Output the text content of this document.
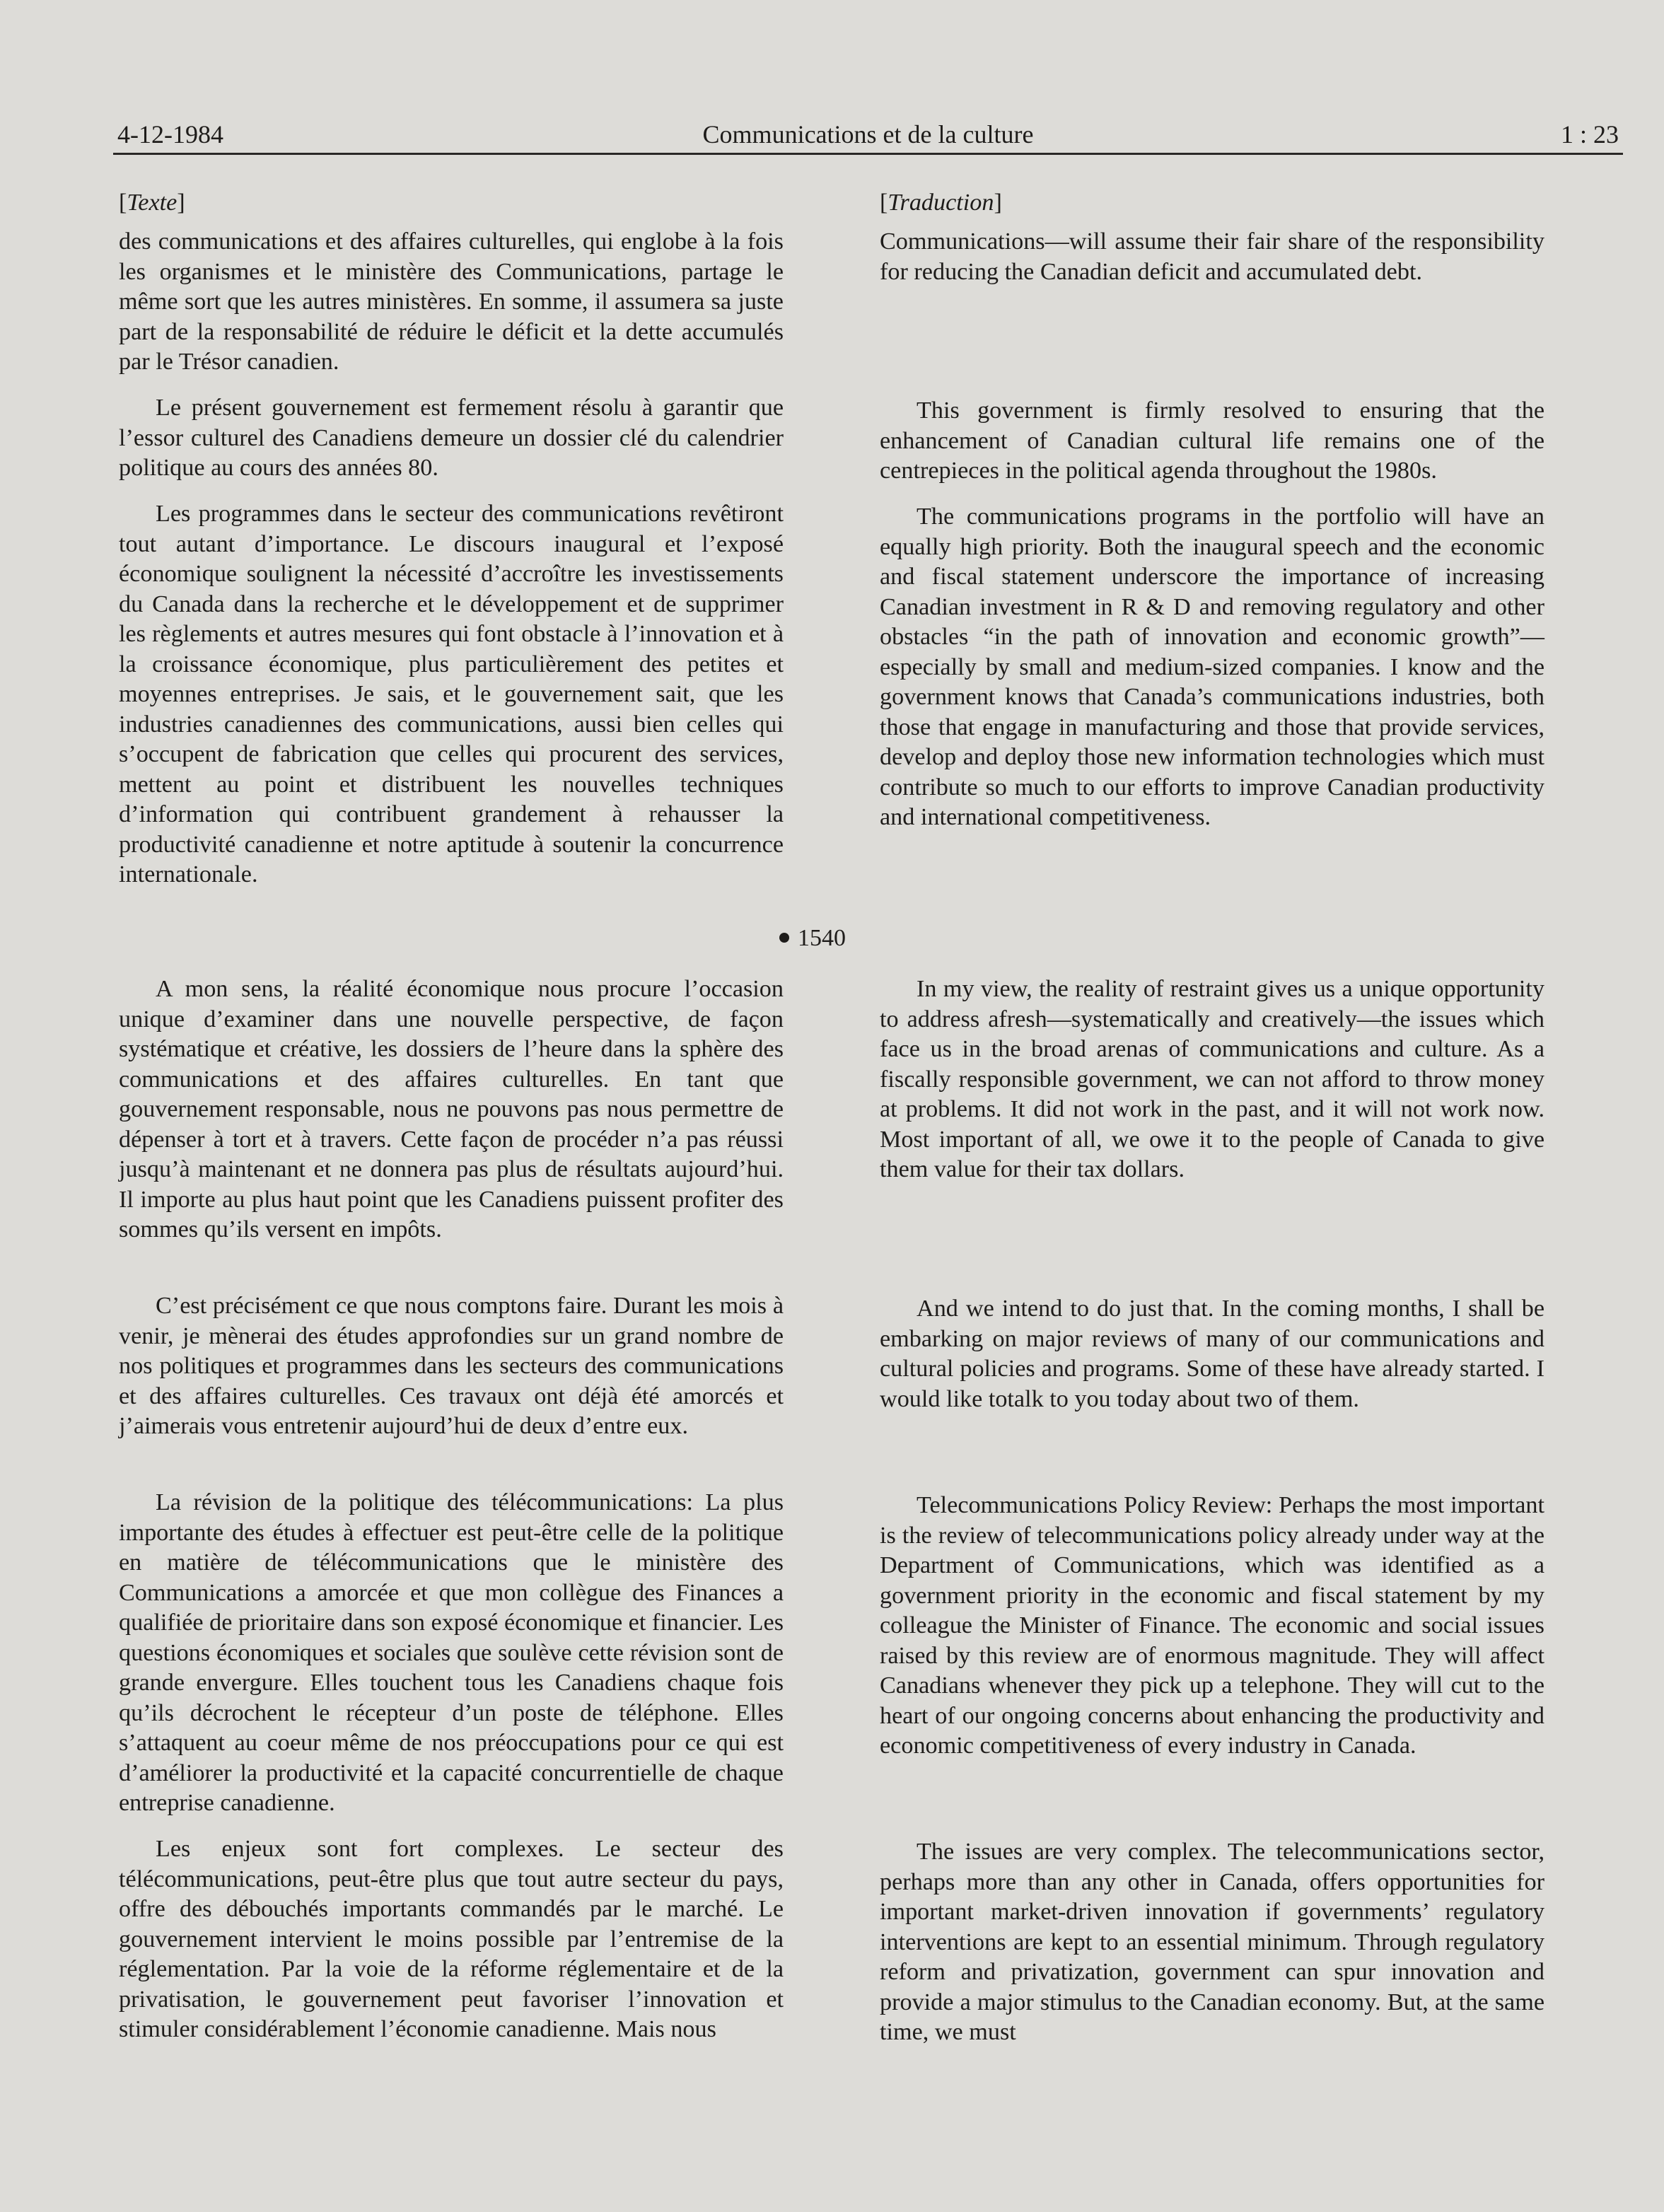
4-12-1984	Communications et de la culture	1 : 23
[Texte]

des communications et des affaires culturelles, qui englobe à la fois les organismes et le ministère des Communications, partage le même sort que les autres ministères. En somme, il assumera sa juste part de la responsabilité de réduire le déficit et la dette accumulés par le Trésor canadien.

Le présent gouvernement est fermement résolu à garantir que l’essor culturel des Canadiens demeure un dossier clé du calendrier politique au cours des années 80.

Les programmes dans le secteur des communications revêtiront tout autant d’importance. Le discours inaugural et l’exposé économique soulignent la nécessité d’accroître les investissements du Canada dans la recherche et le développement et de supprimer les règlements et autres mesures qui font obstacle à l’innovation et à la croissance économique, plus particulièrement des petites et moyennes entreprises. Je sais, et le gouvernement sait, que les industries canadiennes des communications, aussi bien celles qui s’occupent de fabrication que celles qui procurent des services, mettent au point et distribuent les nouvelles techniques d’information qui contribuent grandement à rehausser la productivité canadienne et notre aptitude à soutenir la concurrence internationale.

1540

A mon sens, la réalité économique nous procure l’occasion unique d’examiner dans une nouvelle perspective, de façon systématique et créative, les dossiers de l’heure dans la sphère des communications et des affaires culturelles. En tant que gouvernement responsable, nous ne pouvons pas nous permettre de dépenser à tort et à travers. Cette façon de procéder n’a pas réussi jusqu’à maintenant et ne donnera pas plus de résultats aujourd’hui. Il importe au plus haut point que les Canadiens puissent profiter des sommes qu’ils versent en impôts.

C’est précisément ce que nous comptons faire. Durant les mois à venir, je mènerai des études approfondies sur un grand nombre de nos politiques et programmes dans les secteurs des communications et des affaires culturelles. Ces travaux ont déjà été amorcés et j’aimerais vous entretenir aujourd’hui de deux d’entre eux.

La révision de la politique des télécommunications: La plus importante des études à effectuer est peut-être celle de la politique en matière de télécommunications que le ministère des Communications a amorcée et que mon collègue des Finances a qualifiée de prioritaire dans son exposé économique et financier. Les questions économiques et sociales que soulève cette révision sont de grande envergure. Elles touchent tous les Canadiens chaque fois qu’ils décrochent le récepteur d’un poste de téléphone. Elles s’attaquent au coeur même de nos préoccupations pour ce qui est d’améliorer la productivité et la capacité concurrentielle de chaque entreprise canadienne.

Les enjeux sont fort complexes. Le secteur des télécommunications, peut-être plus que tout autre secteur du pays, offre des débouchés importants commandés par le marché. Le gouvernement intervient le moins possible par l’entremise de la réglementation. Par la voie de la réforme réglementaire et de la privatisation, le gouvernement peut favoriser l’innovation et stimuler considérablement l’économie canadienne. Mais nous

[Traduction]

Communications—will assume their fair share of the responsibility for reducing the Canadian deficit and accumulated debt.

This government is firmly resolved to ensuring that the enhancement of Canadian cultural life remains one of the centrepieces in the political agenda throughout the 1980s.

The communications programs in the portfolio will have an equally high priority. Both the inaugural speech and the economic and fiscal statement underscore the importance of increasing Canadian investment in R & D and removing regulatory and other obstacles “in the path of innovation and economic growth”—especially by small and medium-sized companies. I know and the government knows that Canada’s communications industries, both those that engage in manufacturing and those that provide services, develop and deploy those new information technologies which must contribute so much to our efforts to improve Canadian productivity and international competitiveness.

In my view, the reality of restraint gives us a unique opportunity to address afresh—systematically and creatively—the issues which face us in the broad arenas of communications and culture. As a fiscally responsible government, we can not afford to throw money at problems. It did not work in the past, and it will not work now. Most important of all, we owe it to the people of Canada to give them value for their tax dollars.

And we intend to do just that. In the coming months, I shall be embarking on major reviews of many of our communications and cultural policies and programs. Some of these have already started. I would like totalk to you today about two of them.

Telecommunications Policy Review: Perhaps the most important is the review of telecommunications policy already under way at the Department of Communications, which was identified as a government priority in the economic and fiscal statement by my colleague the Minister of Finance. The economic and social issues raised by this review are of enormous magnitude. They will affect Canadians whenever they pick up a telephone. They will cut to the heart of our ongoing concerns about enhancing the productivity and economic competitiveness of every industry in Canada.

The issues are very complex. The telecommunications sector, perhaps more than any other in Canada, offers opportunities for important market-driven innovation if governments’ regulatory interventions are kept to an essential minimum. Through regulatory reform and privatization, government can spur innovation and provide a major stimulus to the Canadian economy. But, at the same time, we must
